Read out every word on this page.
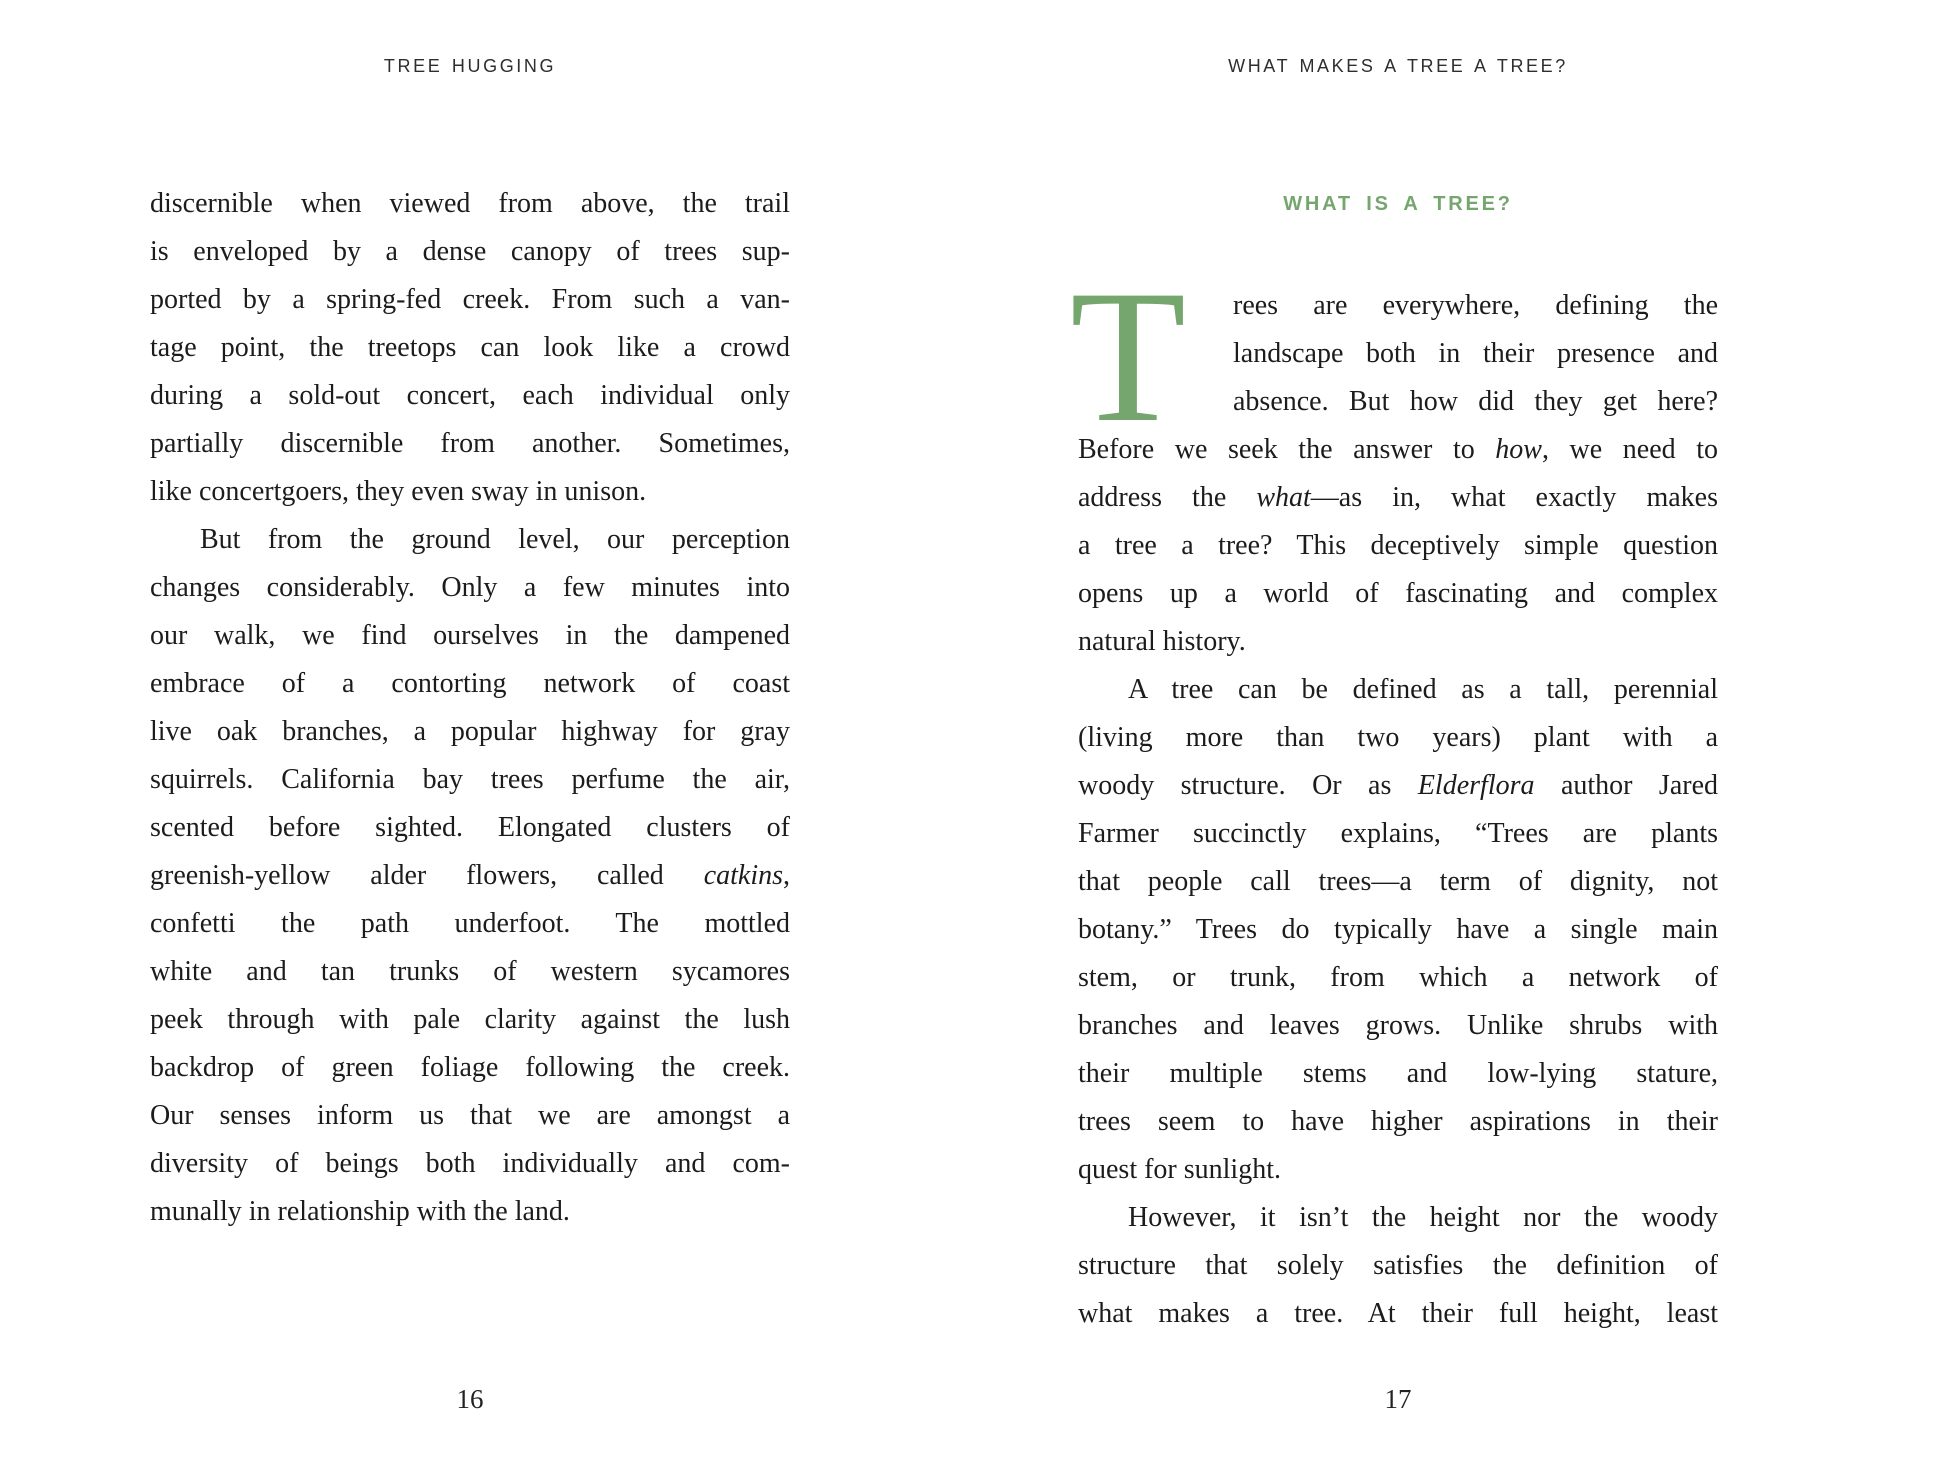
TREE HUGGING
discernible when viewed from above, the trail
is enveloped by a dense canopy of trees sup-
ported by a spring-fed creek. From such a van-
tage point, the treetops can look like a crowd
during a sold-out concert, each individual only
partially discernible from another. Sometimes,
like concertgoers, they even sway in unison.
But from the ground level, our perception
changes considerably. Only a few minutes into
our walk, we find ourselves in the dampened
embrace of a contorting network of coast
live oak branches, a popular highway for gray
squirrels. California bay trees perfume the air,
scented before sighted. Elongated clusters of
greenish-yellow alder flowers, called catkins,
confetti the path underfoot. The mottled
white and tan trunks of western sycamores
peek through with pale clarity against the lush
backdrop of green foliage following the creek.
Our senses inform us that we are amongst a
diversity of beings both individually and com-
munally in relationship with the land.
16
WHAT MAKES A TREE A TREE?
WHAT IS A TREE?
T	rees are everywhere, defining the
landscape both in their presence and
absence. But how did they get here?
Before we seek the answer to how, we need to
address the what—as in, what exactly makes
a tree a tree? This deceptively simple question
opens up a world of fascinating and complex
natural history.
A tree can be defined as a tall, perennial
(living more than two years) plant with a
woody structure. Or as Elderflora author Jared
Farmer succinctly explains, “Trees are plants
that people call trees—a term of dignity, not
botany.” Trees do typically have a single main
stem, or trunk, from which a network of
branches and leaves grows. Unlike shrubs with
their multiple stems and low-lying stature,
trees seem to have higher aspirations in their
quest for sunlight.
However, it isn’t the height nor the woody
structure that solely satisfies the definition of
what makes a tree. At their full height, least
17
